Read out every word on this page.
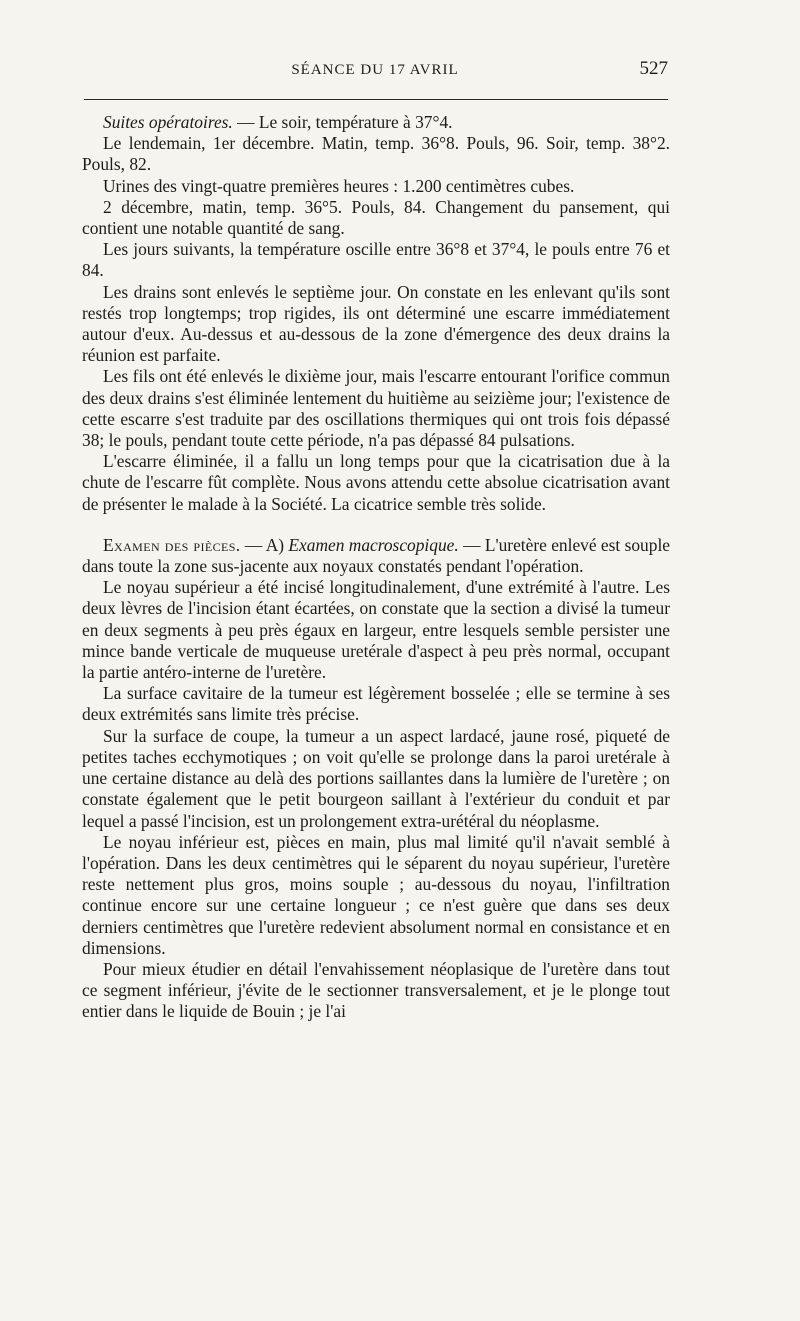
SÉANCE DU 17 AVRIL	527

Suites opératoires. — Le soir, température à 37°4.

Le lendemain, 1er décembre. Matin, temp. 36°8. Pouls, 96. Soir, temp. 38°2. Pouls, 82.

Urines des vingt-quatre premières heures : 1.200 centimètres cubes.

2 décembre, matin, temp. 36°5. Pouls, 84. Changement du pansement, qui contient une notable quantité de sang.

Les jours suivants, la température oscille entre 36°8 et 37°4, le pouls entre 76 et 84.

Les drains sont enlevés le septième jour. On constate en les enlevant qu'ils sont restés trop longtemps; trop rigides, ils ont déterminé une escarre immédiatement autour d'eux. Au-dessus et au-dessous de la zone d'émergence des deux drains la réunion est parfaite.

Les fils ont été enlevés le dixième jour, mais l'escarre entourant l'orifice commun des deux drains s'est éliminée lentement du huitième au seizième jour; l'existence de cette escarre s'est traduite par des oscillations thermiques qui ont trois fois dépassé 38; le pouls, pendant toute cette période, n'a pas dépassé 84 pulsations.

L'escarre éliminée, il a fallu un long temps pour que la cicatrisation due à la chute de l'escarre fût complète. Nous avons attendu cette absolue cicatrisation avant de présenter le malade à la Société. La cicatrice semble très solide.

Examen des pièces. — A) Examen macroscopique. — L'uretère enlevé est souple dans toute la zone sus-jacente aux noyaux constatés pendant l'opération.

Le noyau supérieur a été incisé longitudinalement, d'une extrémité à l'autre. Les deux lèvres de l'incision étant écartées, on constate que la section a divisé la tumeur en deux segments à peu près égaux en largeur, entre lesquels semble persister une mince bande verticale de muqueuse uretérale d'aspect à peu près normal, occupant la partie antéro-interne de l'uretère.

La surface cavitaire de la tumeur est légèrement bosselée ; elle se termine à ses deux extrémités sans limite très précise.

Sur la surface de coupe, la tumeur a un aspect lardacé, jaune rosé, piqueté de petites taches ecchymotiques ; on voit qu'elle se prolonge dans la paroi uretérale à une certaine distance au delà des portions saillantes dans la lumière de l'uretère ; on constate également que le petit bourgeon saillant à l'extérieur du conduit et par lequel a passé l'incision, est un prolongement extra-urétéral du néoplasme.

Le noyau inférieur est, pièces en main, plus mal limité qu'il n'avait semblé à l'opération. Dans les deux centimètres qui le séparent du noyau supérieur, l'uretère reste nettement plus gros, moins souple ; au-dessous du noyau, l'infiltration continue encore sur une certaine longueur ; ce n'est guère que dans ses deux derniers centimètres que l'uretère redevient absolument normal en consistance et en dimensions.

Pour mieux étudier en détail l'envahissement néoplasique de l'uretère dans tout ce segment inférieur, j'évite de le sectionner transversalement, et je le plonge tout entier dans le liquide de Bouin ; je l'ai
